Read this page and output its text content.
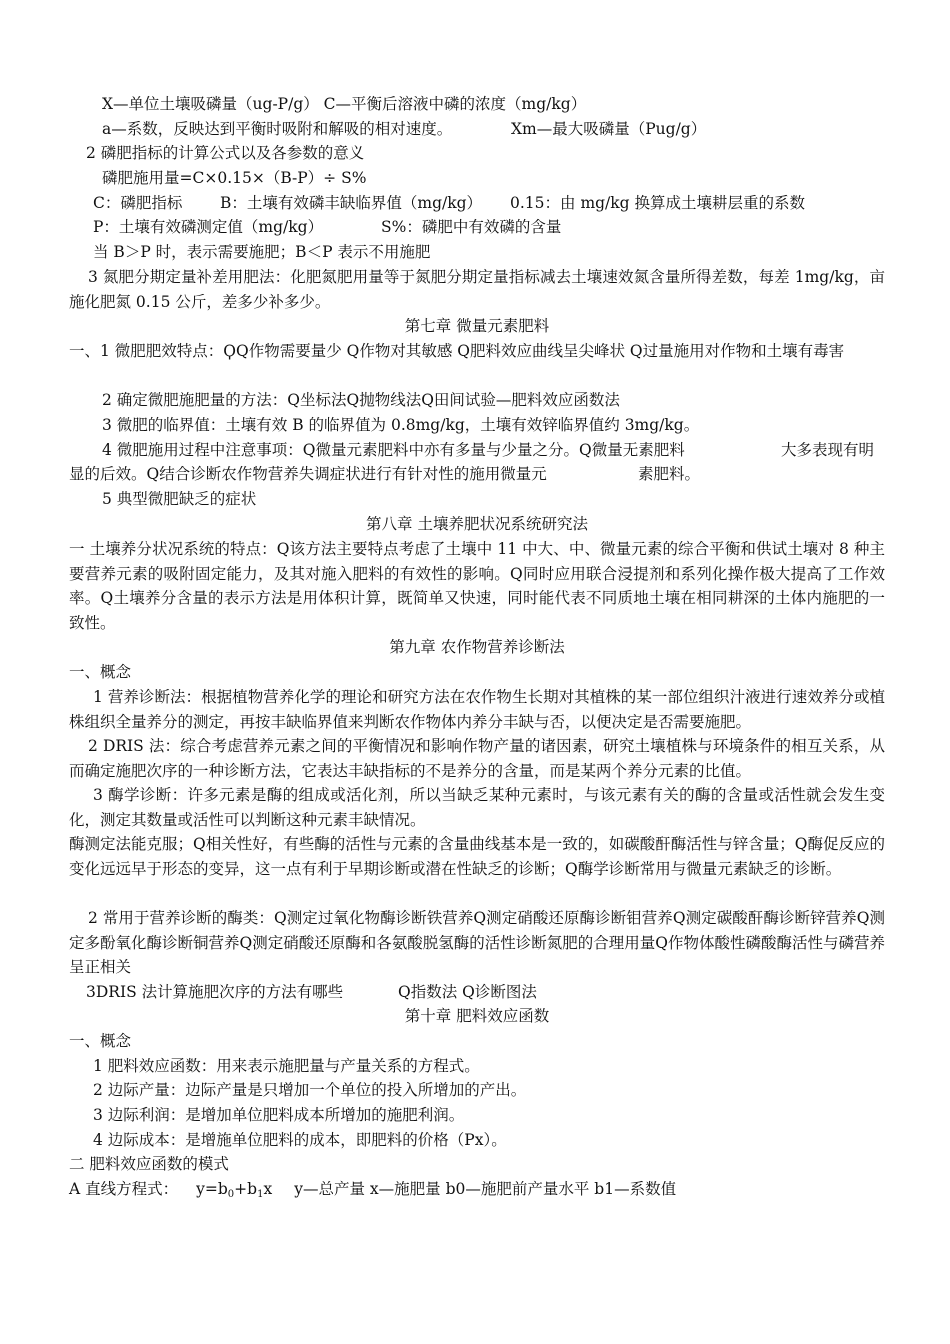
X—单位土壤吸磷量（ug-P/g） C—平衡后溶液中磷的浓度（mg/kg）
a—系数，反映达到平衡时吸附和解吸的相对速度。	Xm—最大吸磷量（Pug/g）
2 磷肥指标的计算公式以及各参数的意义
磷肥施用量=C×0.15×（B-P）÷ S%
C：磷肥指标 B：土壤有效磷丰缺临界值（mg/kg） 0.15：由 mg/kg 换算成土壤耕层重的系数
P：土壤有效磷测定值（mg/kg）	S%：磷肥中有效磷的含量
当 B＞P 时，表示需要施肥；B＜P 表示不用施肥
3 氮肥分期定量补差用肥法：化肥氮肥用量等于氮肥分期定量指标减去土壤速效氮含量所得差数，每差 1mg/kg，亩施化肥氮 0.15 公斤，差多少补多少。
第七章 微量元素肥料
一、1 微肥肥效特点：ϘQ作物需要量少 Q作物对其敏感 Q肥料效应曲线呈尖峰状 Q过量施用对作物和土壤有毒害
2 确定微肥施肥量的方法：Q坐标法Q抛物线法Q田间试验—肥料效应函数法
3 微肥的临界值：土壤有效 B 的临界值为 0.8mg/kg，土壤有效锌临界值约 3mg/kg。
4 微肥施用过程中注意事项：Q微量元素肥料中亦有多量与少量之分。Q微量无素肥料	大多表现有明
显的后效。Q结合诊断农作物营养失调症状进行有针对性的施用微量元	素肥料。
5 典型微肥缺乏的症状
第八章 土壤养肥状况系统研究法
一 土壤养分状况系统的特点：Q该方法主要特点考虑了土壤中 11 中大、中、微量元素的综合平衡和供试土壤对 8 种主要营养元素的吸附固定能力，及其对施入肥料的有效性的影响。Q同时应用联合浸提剂和系列化操作极大提高了工作效率。Q土壤养分含量的表示方法是用体积计算，既简单又快速，同时能代表不同质地土壤在相同耕深的土体内施肥的一致性。
第九章 农作物营养诊断法
一、概念
1 营养诊断法：根据植物营养化学的理论和研究方法在农作物生长期对其植株的某一部位组织汁液进行速效养分或植株组织全量养分的测定，再按丰缺临界值来判断农作物体内养分丰缺与否，以便决定是否需要施肥。
2 DRIS 法：综合考虑营养元素之间的平衡情况和影响作物产量的诸因素，研究土壤植株与环境条件的相互关系，从而确定施肥次序的一种诊断方法，它表达丰缺指标的不是养分的含量，而是某两个养分元素的比值。
3 酶学诊断：许多元素是酶的组成或活化剂，所以当缺乏某种元素时，与该元素有关的酶的含量或活性就会发生变化，测定其数量或活性可以判断这种元素丰缺情况。
酶测定法能克服；Q相关性好，有些酶的活性与元素的含量曲线基本是一致的，如碳酸酐酶活性与锌含量；Q酶促反应的变化远远早于形态的变异，这一点有利于早期诊断或潜在性缺乏的诊断；Q酶学诊断常用与微量元素缺乏的诊断。
2 常用于营养诊断的酶类：Q测定过氧化物酶诊断铁营养Q测定硝酸还原酶诊断钼营养Q测定碳酸酐酶诊断锌营养Q测定多酚氧化酶诊断铜营养Q测定硝酸还原酶和各氨酸脱氢酶的活性诊断氮肥的合理用量Q作物体酸性磷酸酶活性与磷营养呈正相关
3DRIS 法计算施肥次序的方法有哪些	Q指数法 Q诊断图法
第十章 肥料效应函数
一、概念
1 肥料效应函数：用来表示施肥量与产量关系的方程式。
2 边际产量：边际产量是只增加一个单位的投入所增加的产出。
3 边际利润：是增加单位肥料成本所增加的施肥利润。
4 边际成本：是增施单位肥料的成本，即肥料的价格（Px）。
二 肥料效应函数的模式
A 直线方程式： $y=b_0+b_1x$ y—总产量 x—施肥量 b0—施肥前产量水平 b1—系数值
